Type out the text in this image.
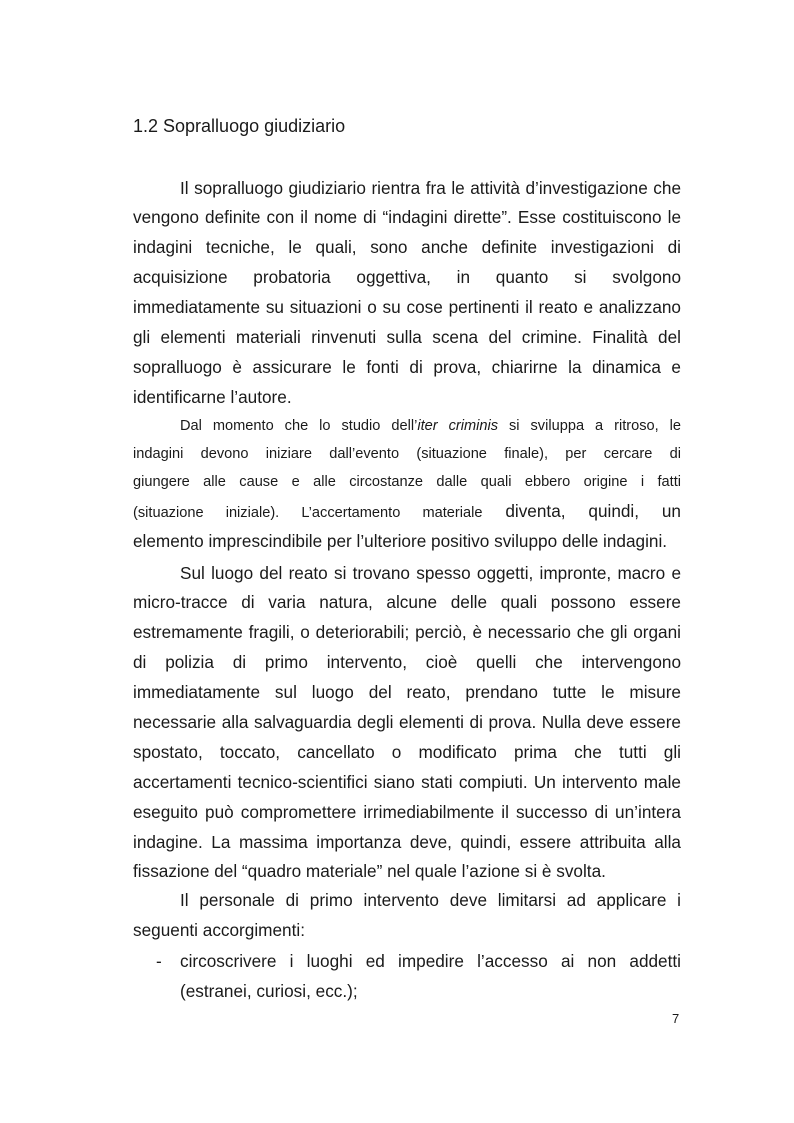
1.2 Sopralluogo giudiziario
Il sopralluogo giudiziario rientra fra le attività d’investigazione che
vengono definite con il nome di “indagini dirette”. Esse costituiscono le
indagini tecniche, le quali, sono anche definite investigazioni di
acquisizione probatoria oggettiva, in quanto si svolgono
immediatamente su situazioni o su cose pertinenti il reato e analizzano
gli elementi materiali rinvenuti sulla scena del crimine. Finalità del
sopralluogo è assicurare le fonti di prova, chiarirne la dinamica e
identificarne l’autore.
Dal momento che lo studio dell’iter criminis si sviluppa a ritroso, le
indagini devono iniziare dall’evento (situazione finale), per cercare di
giungere alle cause e alle circostanze dalle quali ebbero origine i fatti
(situazione iniziale). L’accertamento materiale diventa, quindi, un
elemento imprescindibile per l’ulteriore positivo sviluppo delle indagini.
Sul luogo del reato si trovano spesso oggetti, impronte, macro e
micro-tracce di varia natura, alcune delle quali possono essere
estremamente fragili, o deteriorabili; perciò, è necessario che gli organi
di polizia di primo intervento, cioè quelli che intervengono
immediatamente sul luogo del reato, prendano tutte le misure
necessarie alla salvaguardia degli elementi di prova. Nulla deve essere
spostato, toccato, cancellato o modificato prima che tutti gli
accertamenti tecnico-scientifici siano stati compiuti. Un intervento male
eseguito può compromettere irrimediabilmente il successo di un’intera
indagine. La massima importanza deve, quindi, essere attribuita alla
fissazione del “quadro materiale” nel quale l’azione si è svolta.
Il personale di primo intervento deve limitarsi ad applicare i
seguenti accorgimenti:
- circoscrivere i luoghi ed impedire l’accesso ai non addetti
(estranei, curiosi, ecc.);
7
